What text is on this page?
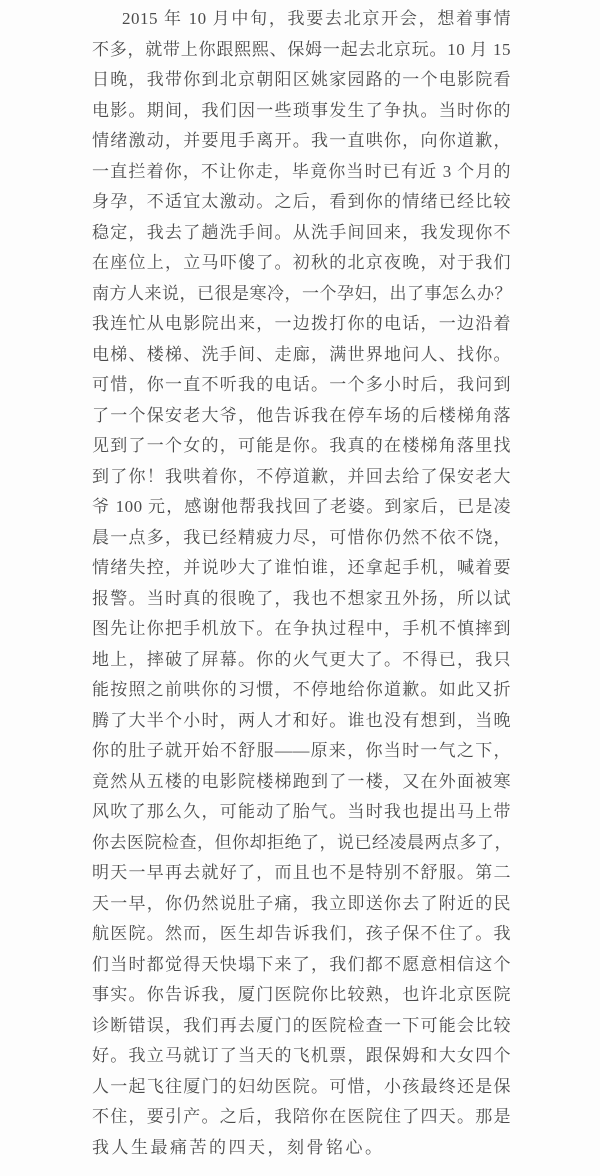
2015 年 10 月中旬，我要去北京开会，想着事情
不多，就带上你跟熙熙、保姆一起去北京玩。10 月 15
日晚，我带你到北京朝阳区姚家园路的一个电影院看
电影。期间，我们因一些琐事发生了争执。当时你的
情绪激动，并要甩手离开。我一直哄你，向你道歉，
一直拦着你，不让你走，毕竟你当时已有近 3 个月的
身孕，不适宜太激动。之后，看到你的情绪已经比较
稳定，我去了趟洗手间。从洗手间回来，我发现你不
在座位上，立马吓傻了。初秋的北京夜晚，对于我们
南方人来说，已很是寒冷，一个孕妇，出了事怎么办？
我连忙从电影院出来，一边拨打你的电话，一边沿着
电梯、楼梯、洗手间、走廊，满世界地问人、找你。
可惜，你一直不听我的电话。一个多小时后，我问到
了一个保安老大爷，他告诉我在停车场的后楼梯角落
见到了一个女的，可能是你。我真的在楼梯角落里找
到了你！我哄着你，不停道歉，并回去给了保安老大
爷 100 元，感谢他帮我找回了老婆。到家后，已是凌
晨一点多，我已经精疲力尽，可惜你仍然不依不饶，
情绪失控，并说吵大了谁怕谁，还拿起手机，喊着要
报警。当时真的很晚了，我也不想家丑外扬，所以试
图先让你把手机放下。在争执过程中，手机不慎摔到
地上，摔破了屏幕。你的火气更大了。不得已，我只
能按照之前哄你的习惯，不停地给你道歉。如此又折
腾了大半个小时，两人才和好。谁也没有想到，当晚
你的肚子就开始不舒服——原来，你当时一气之下，
竟然从五楼的电影院楼梯跑到了一楼，又在外面被寒
风吹了那么久，可能动了胎气。当时我也提出马上带
你去医院检查，但你却拒绝了，说已经凌晨两点多了，
明天一早再去就好了，而且也不是特别不舒服。第二
天一早，你仍然说肚子痛，我立即送你去了附近的民
航医院。然而，医生却告诉我们，孩子保不住了。我
们当时都觉得天快塌下来了，我们都不愿意相信这个
事实。你告诉我，厦门医院你比较熟，也许北京医院
诊断错误，我们再去厦门的医院检查一下可能会比较
好。我立马就订了当天的飞机票，跟保姆和大女四个
人一起飞往厦门的妇幼医院。可惜，小孩最终还是保
不住，要引产。之后，我陪你在医院住了四天。那是
我人生最痛苦的四天，刻骨铭心。
